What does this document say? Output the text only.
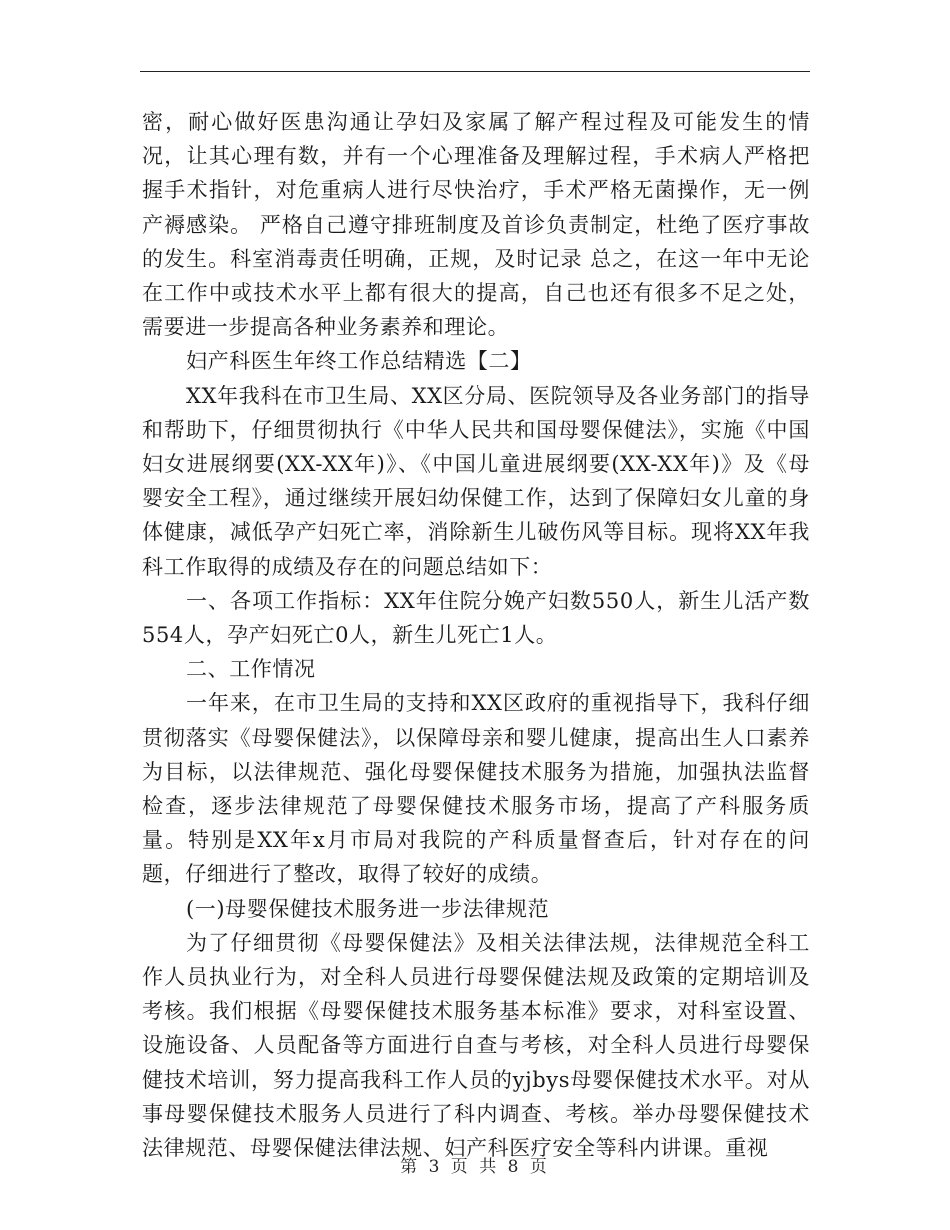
密，耐心做好医患沟通让孕妇及家属了解产程过程及可能发生的情况，让其心理有数，并有一个心理准备及理解过程，手术病人严格把握手术指针，对危重病人进行尽快治疗，手术严格无菌操作，无一例产褥感染。 严格自己遵守排班制度及首诊负责制定，杜绝了医疗事故的发生。科室消毒责任明确，正规，及时记录 总之，在这一年中无论在工作中或技术水平上都有很大的提高，自己也还有很多不足之处，需要进一步提高各种业务素养和理论。

妇产科医生年终工作总结精选【二】

XX年我科在市卫生局、XX区分局、医院领导及各业务部门的指导和帮助下，仔细贯彻执行《中华人民共和国母婴保健法》，实施《中国妇女进展纲要(XX-XX年)》、《中国儿童进展纲要(XX-XX年)》及《母婴安全工程》，通过继续开展妇幼保健工作，达到了保障妇女儿童的身体健康，减低孕产妇死亡率，消除新生儿破伤风等目标。现将XX年我科工作取得的成绩及存在的问题总结如下：

一、各项工作指标：XX年住院分娩产妇数550人，新生儿活产数554人，孕产妇死亡0人，新生儿死亡1人。

二、工作情况

一年来，在市卫生局的支持和XX区政府的重视指导下，我科仔细贯彻落实《母婴保健法》，以保障母亲和婴儿健康，提高出生人口素养为目标，以法律规范、强化母婴保健技术服务为措施，加强执法监督检查，逐步法律规范了母婴保健技术服务市场，提高了产科服务质量。特别是XX年x月市局对我院的产科质量督查后，针对存在的问题，仔细进行了整改，取得了较好的成绩。

(一)母婴保健技术服务进一步法律规范

为了仔细贯彻《母婴保健法》及相关法律法规，法律规范全科工作人员执业行为，对全科人员进行母婴保健法规及政策的定期培训及考核。我们根据《母婴保健技术服务基本标准》要求，对科室设置、设施设备、人员配备等方面进行自查与考核，对全科人员进行母婴保健技术培训，努力提高我科工作人员的yjbys母婴保健技术水平。对从事母婴保健技术服务人员进行了科内调查、考核。举办母婴保健技术法律规范、母婴保健法律法规、妇产科医疗安全等科内讲课。重视

第 3 页 共 8 页
